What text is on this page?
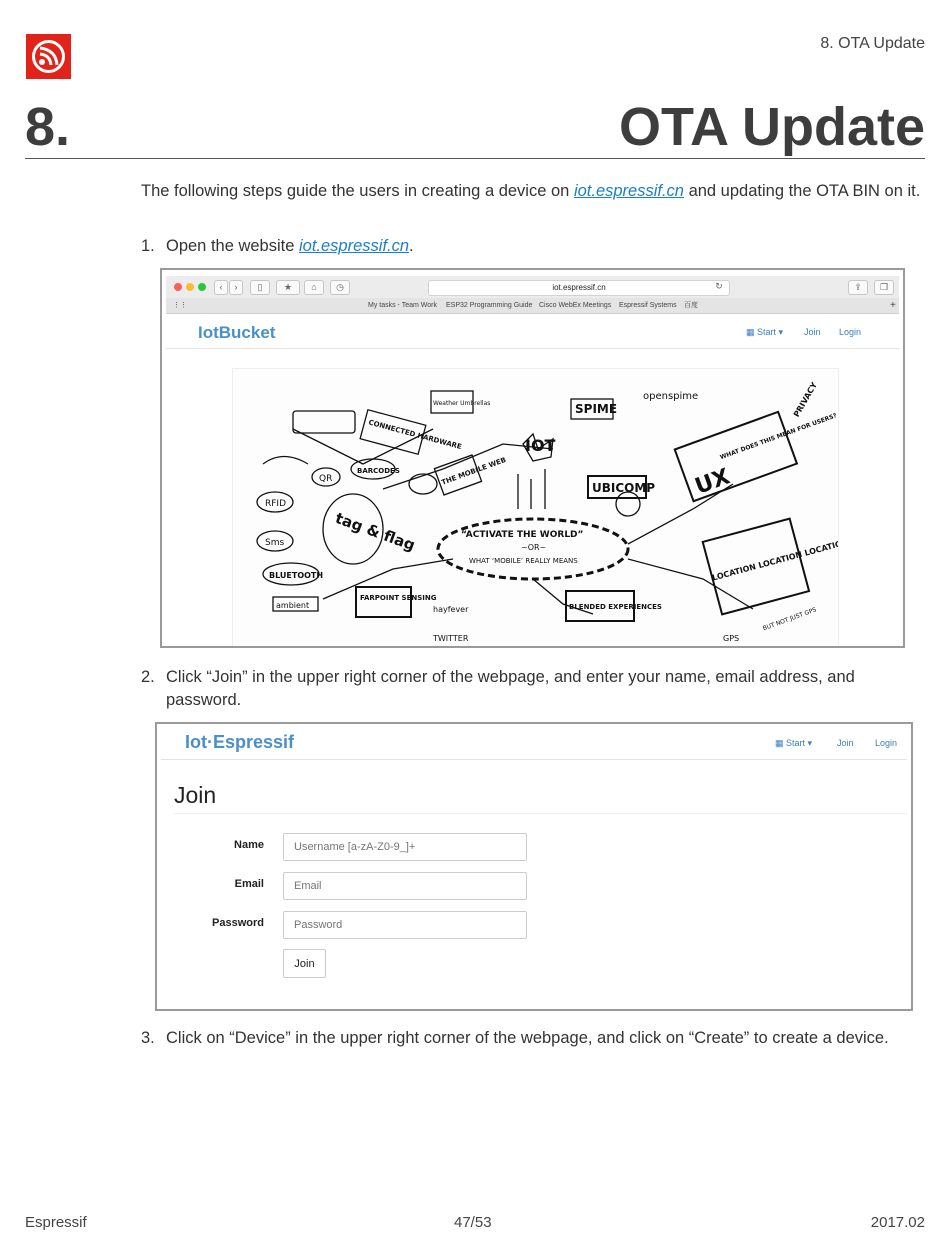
8. OTA Update
8.	OTA Update
The following steps guide the users in creating a device on iot.espressif.cn and updating the OTA BIN on it.
1. Open the website iot.espressif.cn.
‹	›	▯	★	⌂	◷	iot.espressif.cn	↻	⇪	❐
⋮⋮	My tasks - Team Work ESP32 Programming Guide Cisco WebEx Meetings Espressif Systems 百度	+
IotBucket	▦ Start ▾ Join Login
IOT
SPIME
openspime
CONNECTED HARDWARE
Weather Umbrellas
UBICOMP UX
WHAT DOES THIS MEAN FOR USERS?
“ACTIVATE THE WORLD”
~OR~
WHAT ‘MOBILE’ REALLY MEANS
THE MOBILE WEB
tag & flag
RFID
Sms
BLUETOOTH
QR
BARCODES
ambient
FARPOINT SENSING
BLENDED EXPERIENCES
LOCATION LOCATION LOCATION
PRIVACY
TWITTER
hayfever
GPS
BUT NOT JUST GPS
2. Click “Join” in the upper right corner of the webpage, and enter your name, email address, and password.
Iot·Espressif	▦ Start ▾	Join Login
Join
Name
Username [a-zA-Z0-9_]+
Email
Email
Password
Password
Join
3. Click on “Device” in the upper right corner of the webpage, and click on “Create” to create a device.
Espressif	47/53	2017.02
